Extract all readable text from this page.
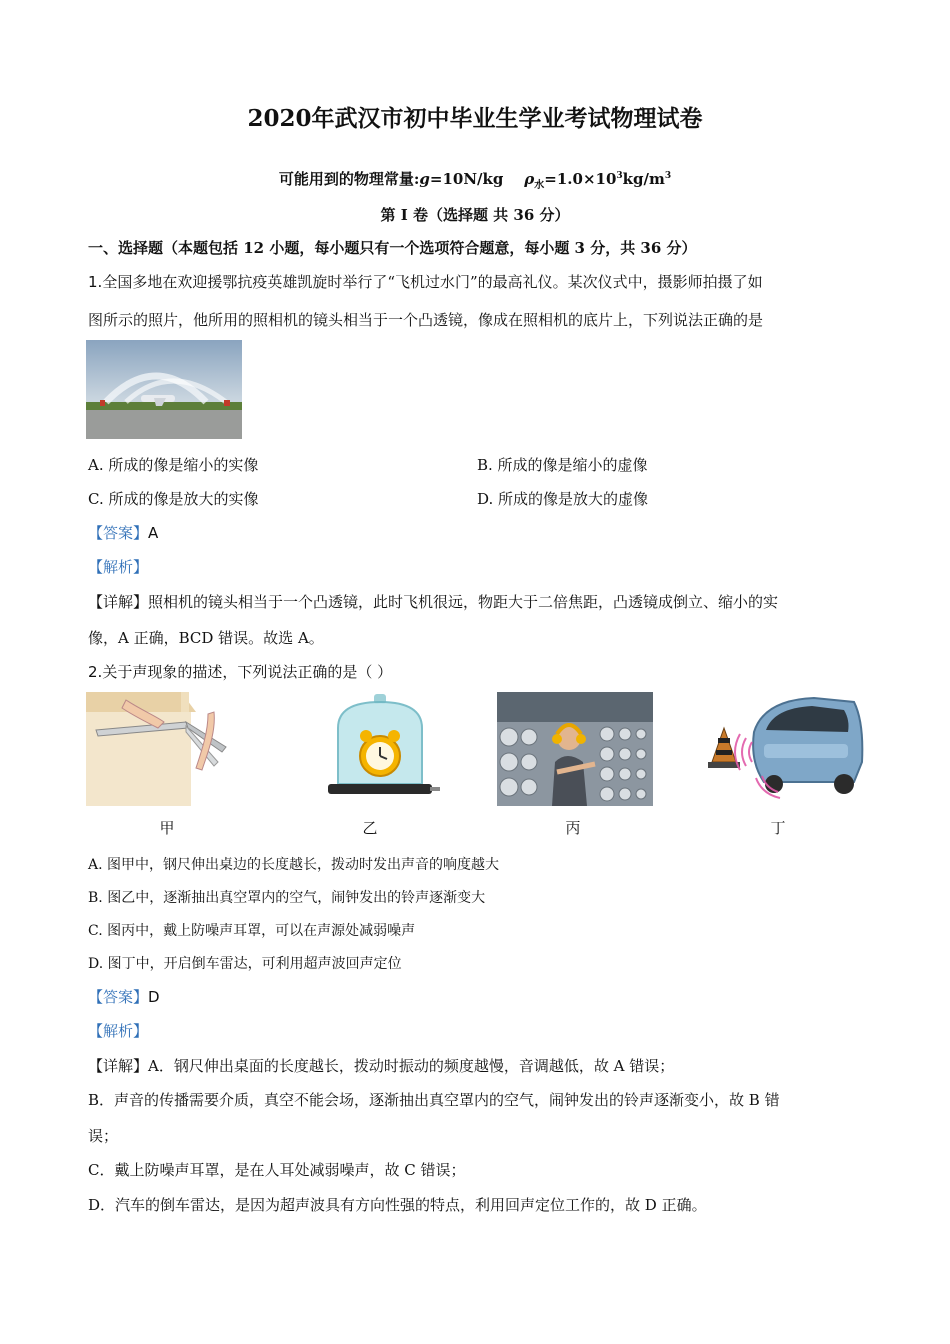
2020年武汉市初中毕业生学业考试物理试卷
可能用到的物理常量:g=10N/kg $\rho_水=1.0\times 10^3kg/m^3$
第 I 卷（选择题 共 36 分）
一、选择题（本题包括 12 小题，每小题只有一个选项符合题意，每小题 3 分，共 36 分）
1.全国多地在欢迎援鄂抗疫英雄凯旋时举行了“飞机过水门”的最高礼仪。某次仪式中，摄影师拍摄了如
图所示的照片，他所用的照相机的镜头相当于一个凸透镜，像成在照相机的底片上，下列说法正确的是
A. 所成的像是缩小的实像	B. 所成的像是缩小的虚像
C. 所成的像是放大的实像	D. 所成的像是放大的虚像
【答案】A
【解析】
【详解】照相机的镜头相当于一个凸透镜，此时飞机很远，物距大于二倍焦距，凸透镜成倒立、缩小的实
像，A 正确，BCD 错误。故选 A。
2.关于声现象的描述，下列说法正确的是（ ）
甲	乙	丙	丁
A. 图甲中，钢尺伸出桌边的长度越长，拨动时发出声音的响度越大
B. 图乙中，逐渐抽出真空罩内的空气，闹钟发出的铃声逐渐变大
C. 图丙中，戴上防噪声耳罩，可以在声源处减弱噪声
D. 图丁中，开启倒车雷达，可利用超声波回声定位
【答案】D
【解析】
【详解】A．钢尺伸出桌面的长度越长，拨动时振动的频度越慢，音调越低，故 A 错误；
B．声音的传播需要介质，真空不能会场，逐渐抽出真空罩内的空气，闹钟发出的铃声逐渐变小，故 B 错
误；
C．戴上防噪声耳罩，是在人耳处减弱噪声，故 C 错误；
D．汽车的倒车雷达，是因为超声波具有方向性强的特点，利用回声定位工作的，故 D 正确。
